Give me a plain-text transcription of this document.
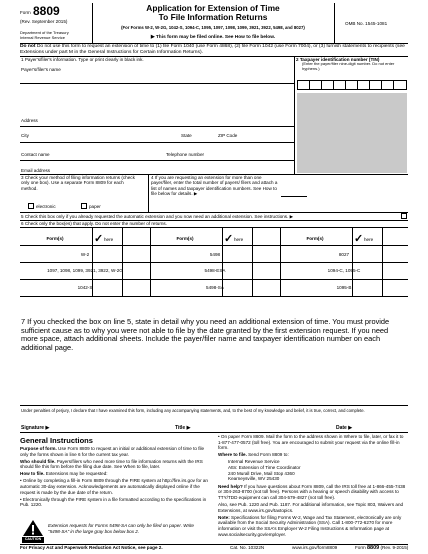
Form 8809
(Rev. September 2015)
Department of the Treasury
Internal Revenue Service
Application for Extension of Time
To File Information Returns
(For Forms W-2, W-2G, 1042-S, 1094-C, 1095, 1097, 1098, 1099, 3921, 3922, 5498, and 8027)
▶ This form may be filed online. See How to file below.
OMB No. 1545-1081
Do not Do not use this form to request an extension of time to (1) file Form 1040 (use Form 4868), (2) file Form 1042 (use Form 7004), or (3) furnish statements to recipients (see Extensions under part M in the General Instructions for Certain Information Returns).
1 Payer's/filer's information. Type or print clearly in black ink.
Payer's/filer's name
Address
City	State	ZIP Code
Contact name	Telephone number
Email address
2 Taxpayer identification number (TIN)
(Enter the payer/filer nine-digit number. Do not enter hyphens.)
3 Check your method of filing information returns (check only one box). Use a separate Form 8809 for each method.
electronic	paper
4 If you are requesting an extension for more than one payer/filer, enter the total number of payers/ filers and attach a list of names and taxpayer identification numbers. See How to file below for details. ▶
5 Check this box only if you already requested the automatic extension and you now need an additional extension. See instructions. ▶
6 Check only the box(es) that apply. Do not enter the number of returns.
Form(s)	✓ here	Form(s)	✓ here	Form(s)	✓ here
W-2	5498	8027
1097, 1098, 1099, 3921, 3922, W-2G	5498-ESA	1094-C, 1095-C
1042-S	5498-SA	1095-B
7 If you checked the box on line 5, state in detail why you need an additional extension of time. You must provide sufficient cause as to why you were not able to file by the date granted by the first extension request. If you need more space, attach additional sheets. Include the payer/filer name and taxpayer identification number on each additional page.
Under penalties of perjury, I declare that I have examined this form, including any accompanying statements, and, to the best of my knowledge and belief, it is true, correct, and complete.
Signature ▶	Title ▶	Date ▶
General Instructions

Purpose of form. Use Form 8809 to request an initial or additional extension of time to file only the forms shown in line 6 for the current tax year.

Who should file. Payers/filers who need more time to file information returns with the IRS should file this form before the filing due date. See When to file, later.

How to file. Extensions may be requested:

• Online by completing a fill-in Form 8809 through the FIRE system at http://fire.irs.gov for an automatic 30-day extension. Acknowledgements are automatically displayed online if the request is made by the due date of the return.

• Electronically through the FIRE system in a file formatted according to the specifications in Pub. 1220.

CAUTION
Extension requests for Forms 5498-SA can only be filed on paper. Write "5498-SA" in the large gray box below box 2.

• On paper Form 8809. Mail the form to the address shown in Where to file, later, or fax it to 1-877-477-0572 (toll free). You are encouraged to submit your request via the online fill-in form.

Where to file. Send Form 8809 to:

Internal Revenue Service
Attn: Extension of Time Coordinator
240 Murall Drive, Mail Stop 4360
Kearneysville, WV 25430

Need help? If you have questions about Form 8809, call the IRS toll free at 1-866-455-7438 or 304-263-8700 (not toll free). Persons with a hearing or speech disability with access to TTY/TDD equipment can call 304-579-4827 (not toll free).

Also, see Pub. 1220 and Pub. 1187. For additional information, see Topic 803, Waivers and Extensions, at www.irs.gov/taxtopics.

Note: Specifications for filing Forms W-2, Wage and Tax Statement, electronically are only available from the Social Security Administration (SSA). Call 1-800-772-6270 for more information or visit the SSA's Employer W-2 Filing Instructions & Information page at www.socialsecurity.gov/employer.

For Privacy Act and Paperwork Reduction Act Notice, see page 2.	Cat. No. 10322N	www.irs.gov/form8809	Form 8809 (Rev. 9-2015)
